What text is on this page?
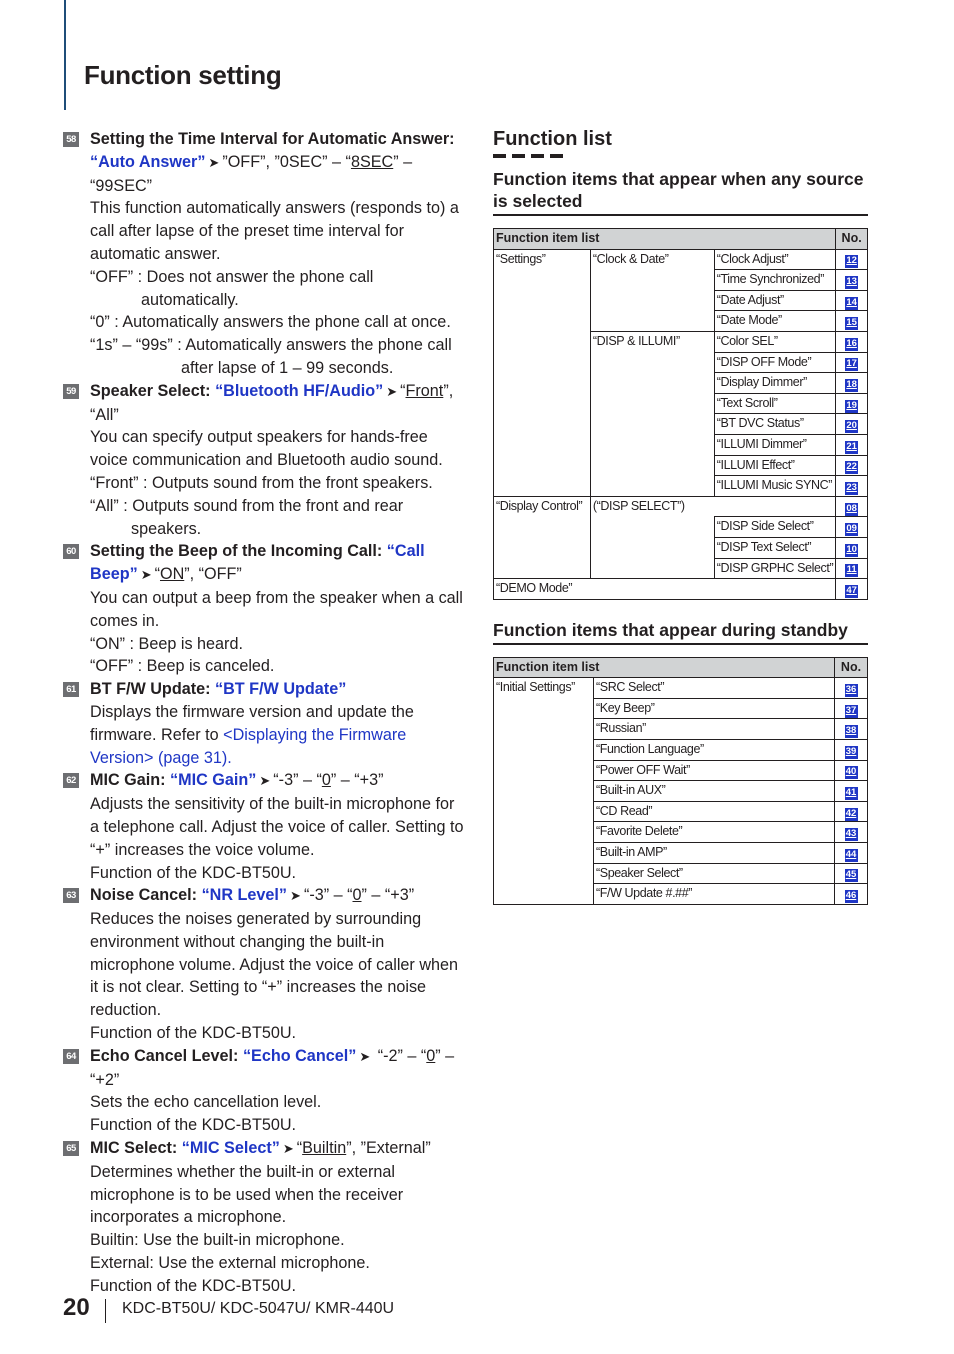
Function setting
58 Setting the Time Interval for Automatic Answer: “Auto Answer” ➤ ”OFF”, ”0SEC” – “8SEC” – “99SEC”

This function automatically answers (responds to) a call after lapse of the preset time interval for automatic answer.

“OFF” : Does not answer the phone call

automatically.

“0” : Automatically answers the phone call at once.

“1s” – “99s” : Automatically answers the phone call

after lapse of 1 – 99 seconds.

59 Speaker Select: “Bluetooth HF/Audio” ➤ “Front”, “All”

You can specify output speakers for hands-free voice communication and Bluetooth audio sound.

“Front” : Outputs sound from the front speakers.

“All” : Outputs sound from the front and rear

speakers.

60 Setting the Beep of the Incoming Call: “Call Beep” ➤ “ON”, “OFF”

You can output a beep from the speaker when a call comes in.

“ON” : Beep is heard.

“OFF” : Beep is canceled.

61 BT F/W Update: “BT F/W Update”

Displays the firmware version and update the firmware. Refer to <Displaying the Firmware Version> (page 31).

62 MIC Gain: “MIC Gain” ➤ “-3” – “0” – “+3”

Adjusts the sensitivity of the built-in microphone for a telephone call. Adjust the voice of caller. Setting to “+” increases the voice volume.

Function of the KDC-BT50U.

63 Noise Cancel: “NR Level” ➤ “-3” – “0” – “+3”

Reduces the noises generated by surrounding environment without changing the built-in microphone volume. Adjust the voice of caller when it is not clear. Setting to “+” increases the noise reduction.

Function of the KDC-BT50U.

64 Echo Cancel Level: “Echo Cancel” ➤ “-2” – “0” – “+2”

Sets the echo cancellation level.

Function of the KDC-BT50U.

65 MIC Select: “MIC Select” ➤ “Builtin”, ”External”

Determines whether the built-in or external microphone is to be used when the receiver incorporates a microphone.

Builtin: Use the built-in microphone.

External: Use the external microphone.

Function of the KDC-BT50U.

Function list
Function items that appear when any source is selected
Function item list			No.
“Settings”	“Clock & Date”	“Clock Adjust”	12
		“Time Synchronized”	13
		“Date Adjust”	14
		“Date Mode”	15
	“DISP & ILLUMI”	“Color SEL”	16
		“DISP OFF Mode”	17
		“Display Dimmer”	18
		“Text Scroll”	19
		“BT DVC Status”	20
		“ILLUMI Dimmer”	21
		“ILLUMI Effect”	22
		“ILLUMI Music SYNC”	23
“Display Control”	(“DISP SELECT”)		08
		“DISP Side Select”	09
		“DISP Text Select”	10
		“DISP GRPHC Select”	11
“DEMO Mode”			47
Function items that appear during standby
Function item list		No.
“Initial Settings”	“SRC Select”	36
	“Key Beep”	37
	“Russian”	38
	“Function Language”	39
	“Power OFF Wait”	40
	“Built-in AUX”	41
	“CD Read”	42
	“Favorite Delete”	43
	“Built-in AMP”	44
	“Speaker Select”	45
	“F/W Update #.##”	46
20 KDC-BT50U/ KDC-5047U/ KMR-440U
